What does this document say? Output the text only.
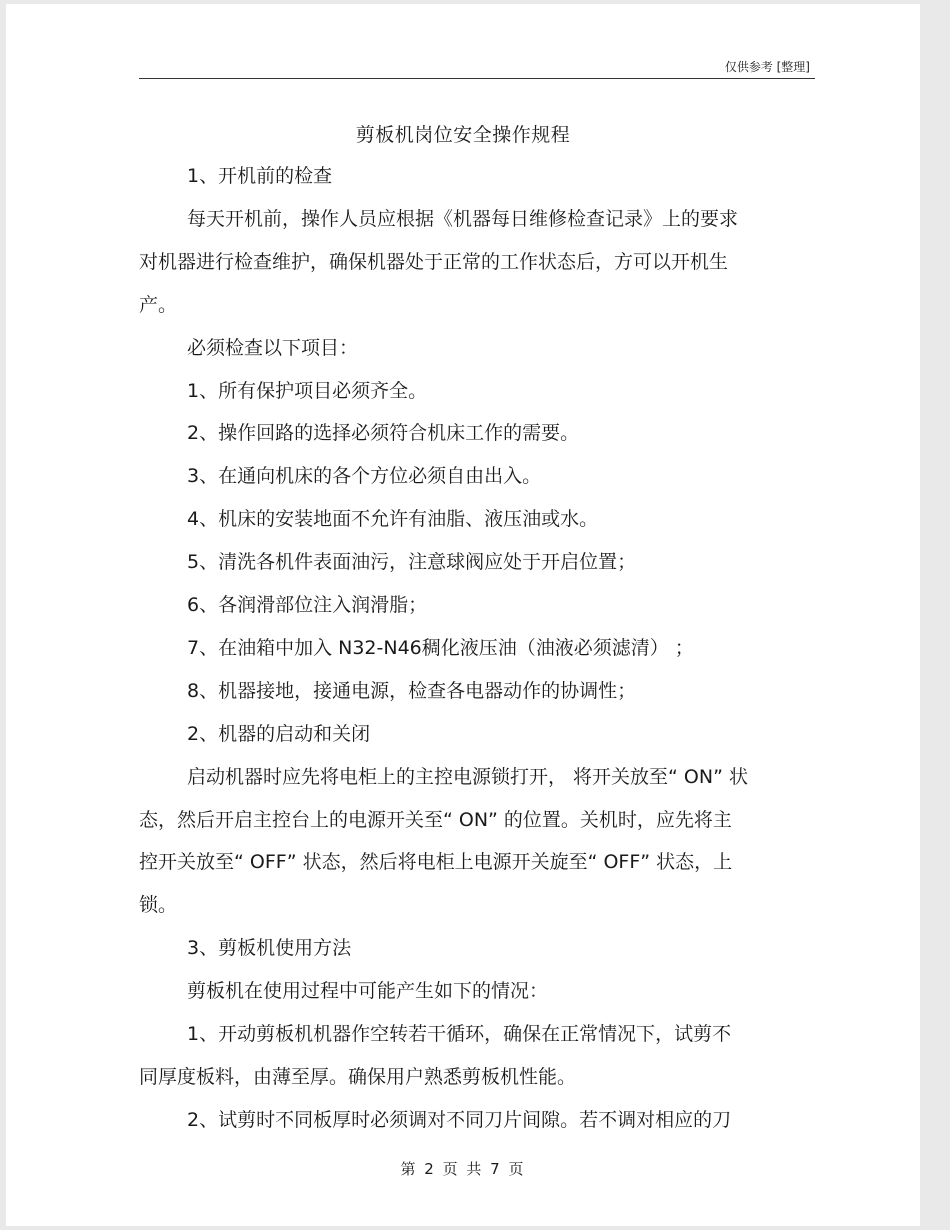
仅供参考 [整理]
剪板机岗位安全操作规程
1、开机前的检查
每天开机前，操作人员应根据《机器每日维修检查记录》上的要求
对机器进行检查维护，确保机器处于正常的工作状态后，方可以开机生
产。
必须检查以下项目：
1、所有保护项目必须齐全。
2、操作回路的选择必须符合机床工作的需要。
3、在通向机床的各个方位必须自由出入。
4、机床的安装地面不允许有油脂、液压油或水。
5、清洗各机件表面油污，注意球阀应处于开启位置；
6、各润滑部位注入润滑脂；
7、在油箱中加入 N32-N46稠化液压油（油液必须滤清） ；
8、机器接地，接通电源，检查各电器动作的协调性；
2、机器的启动和关闭
启动机器时应先将电柜上的主控电源锁打开， 将开关放至“ ON” 状
态，然后开启主控台上的电源开关至“ ON” 的位置。关机时，应先将主
控开关放至“ OFF” 状态，然后将电柜上电源开关旋至“ OFF” 状态，上
锁。
3、剪板机使用方法
剪板机在使用过程中可能产生如下的情况：
1、开动剪板机机器作空转若干循环，确保在正常情况下，试剪不
同厚度板料，由薄至厚。确保用户熟悉剪板机性能。
2、试剪时不同板厚时必须调对不同刀片间隙。若不调对相应的刀
第 2 页 共 7 页
